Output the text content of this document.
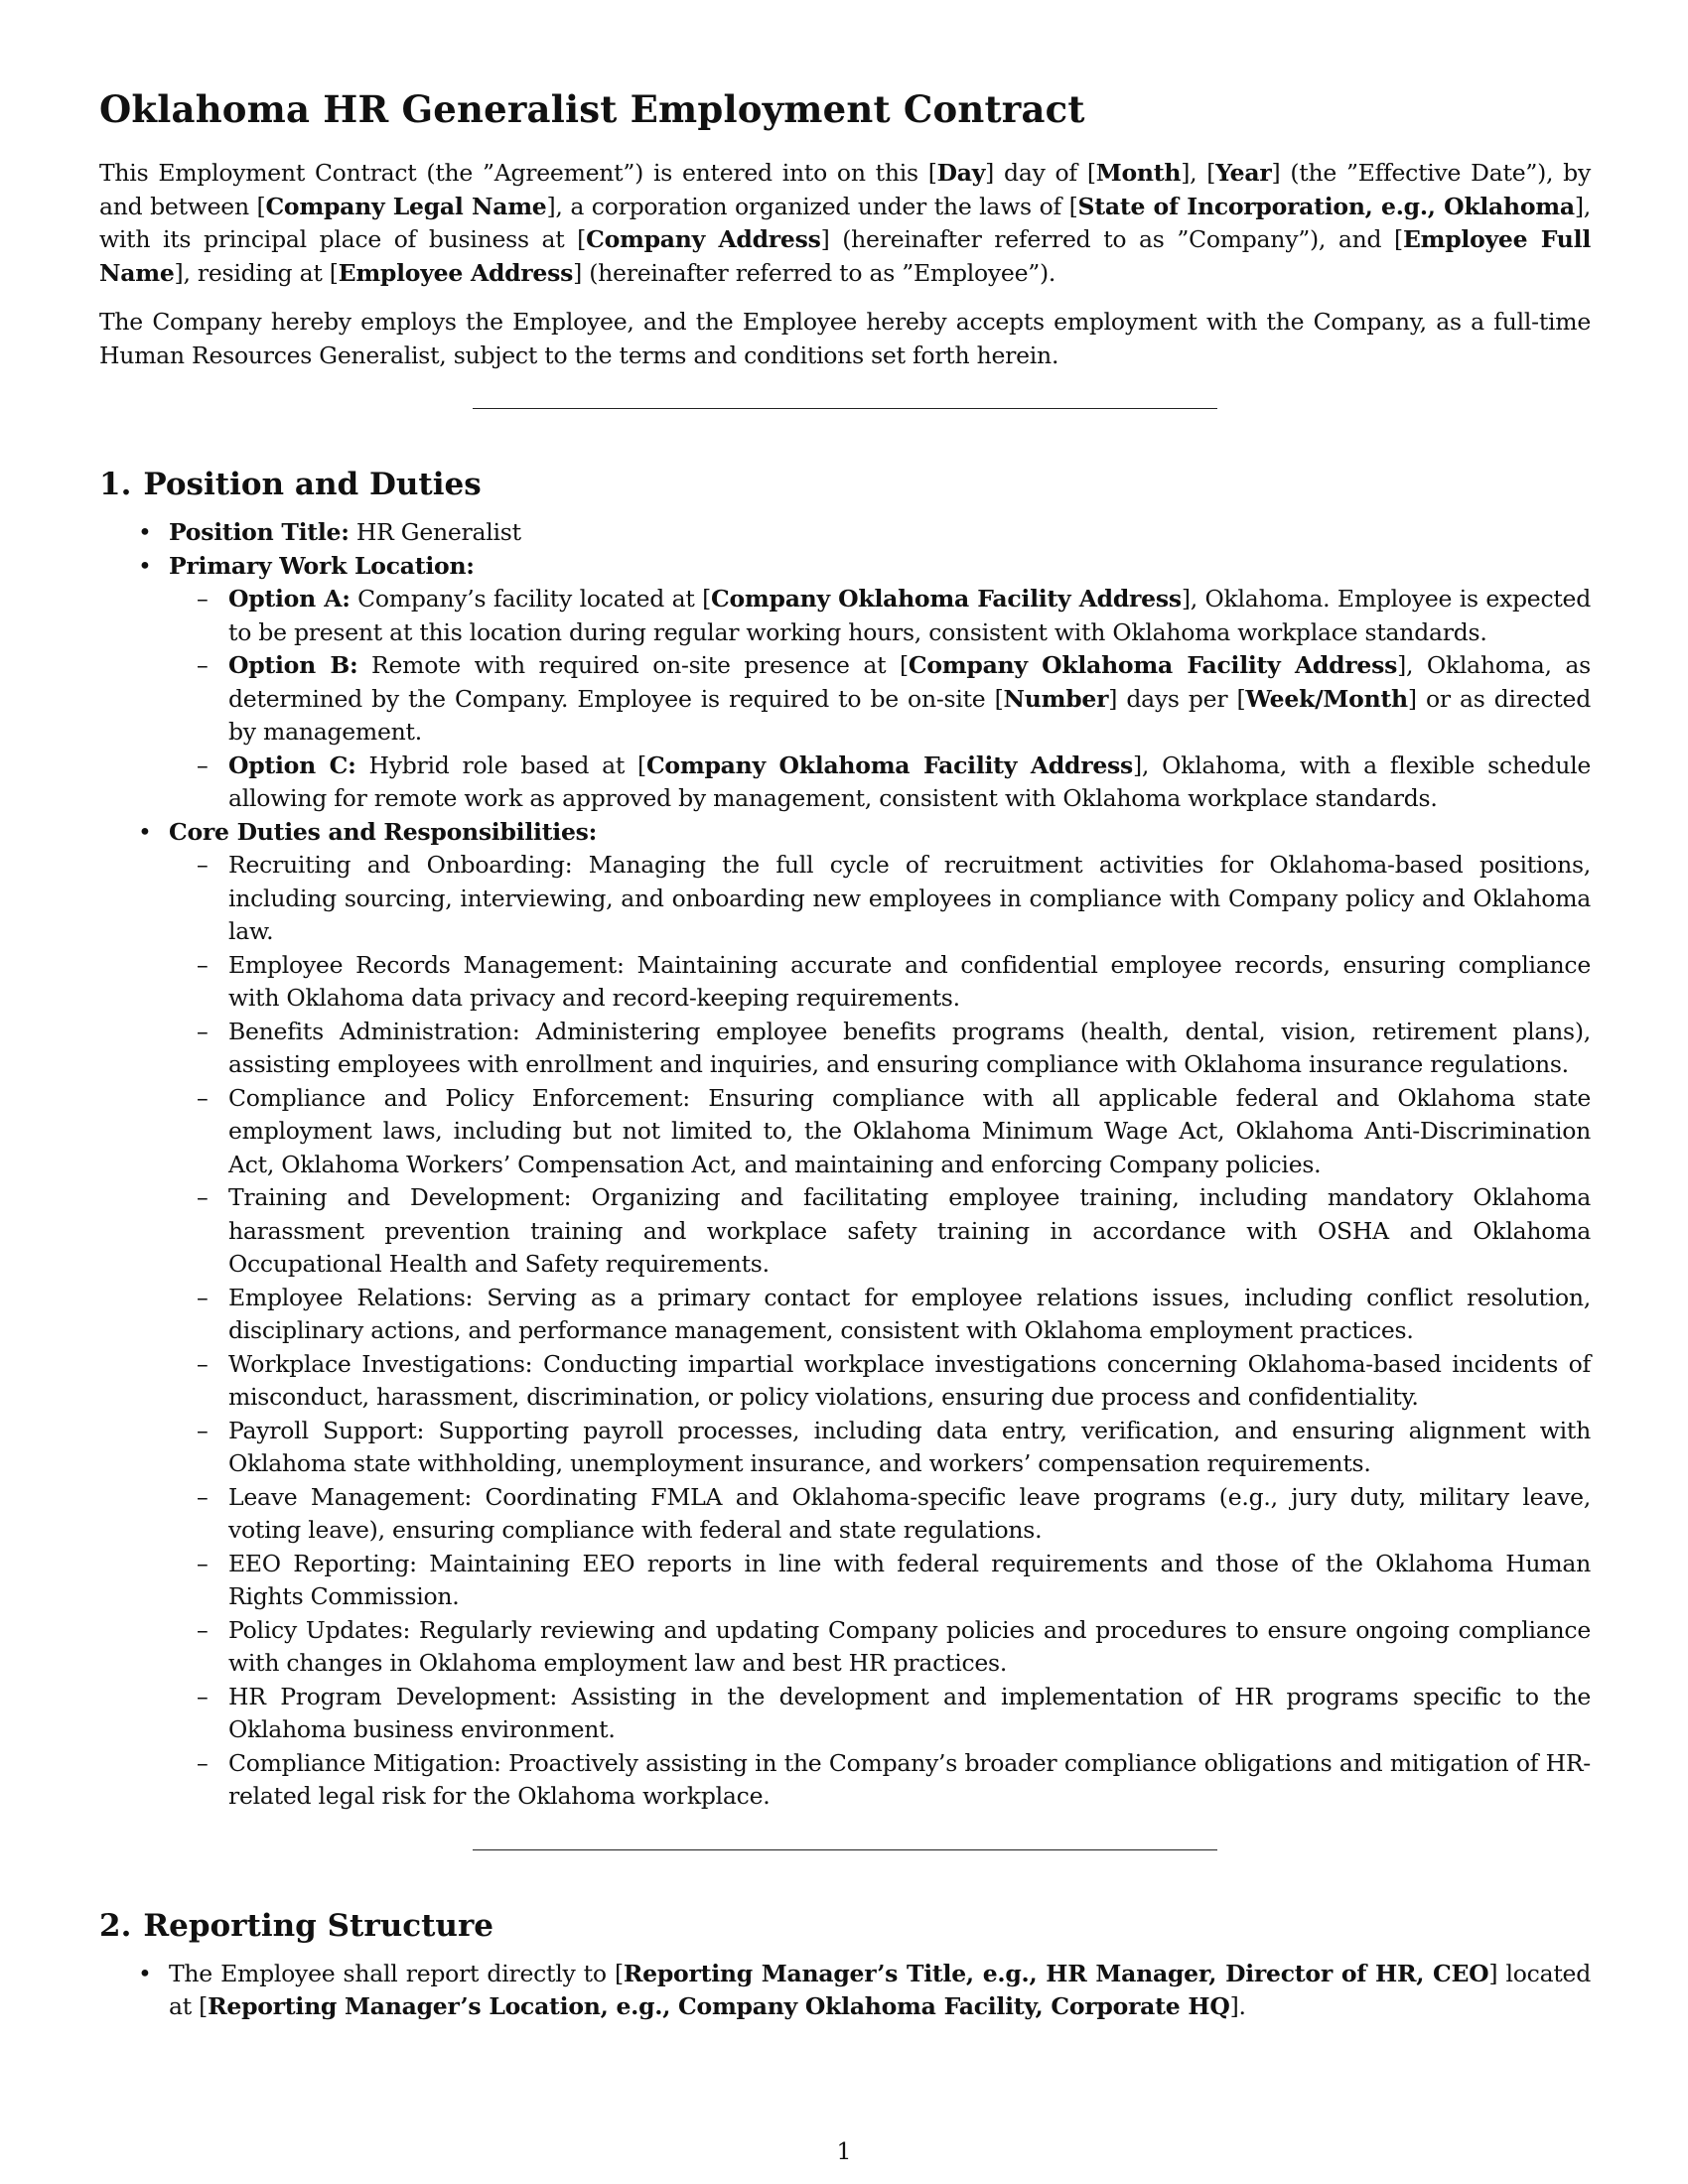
Oklahoma HR Generalist Employment Contract

This Employment Contract (the ”Agreement”) is entered into on this [Day] day of [Month], [Year] (the ”Effective Date”), by and between [Company Legal Name], a corporation organized under the laws of [State of Incorporation, e.g., Oklahoma], with its principal place of business at [Company Address] (hereinafter referred to as ”Company”), and [Employee Full Name], residing at [Employee Address] (hereinafter referred to as ”Employee”).

The Company hereby employs the Employee, and the Employee hereby accepts employment with the Company, as a full-time Human Resources Generalist, subject to the terms and conditions set forth herein.

1. Position and Duties
• Position Title: HR Generalist
• Primary Work Location:
– Option A: Company’s facility located at [Company Oklahoma Facility Address], Oklahoma. Employee is expected to be present at this location during regular working hours, consistent with Oklahoma workplace standards.
– Option B: Remote with required on-site presence at [Company Oklahoma Facility Address], Oklahoma, as determined by the Company. Employee is required to be on-site [Number] days per [Week/Month] or as directed by management.
– Option C: Hybrid role based at [Company Oklahoma Facility Address], Oklahoma, with a flexible schedule allowing for remote work as approved by management, consistent with Oklahoma workplace standards.
• Core Duties and Responsibilities:
– Recruiting and Onboarding: Managing the full cycle of recruitment activities for Oklahoma-based positions, including sourcing, interviewing, and onboarding new employees in compliance with Company policy and Oklahoma law.
– Employee Records Management: Maintaining accurate and confidential employee records, ensuring compliance with Oklahoma data privacy and record-keeping requirements.
– Benefits Administration: Administering employee benefits programs (health, dental, vision, retirement plans), assisting employees with enrollment and inquiries, and ensuring compliance with Oklahoma insurance regulations.
– Compliance and Policy Enforcement: Ensuring compliance with all applicable federal and Oklahoma state employment laws, including but not limited to, the Oklahoma Minimum Wage Act, Oklahoma Anti-Discrimination Act, Oklahoma Workers’ Compensation Act, and maintaining and enforcing Company policies.
– Training and Development: Organizing and facilitating employee training, including mandatory Oklahoma harassment prevention training and workplace safety training in accordance with OSHA and Oklahoma Occupational Health and Safety requirements.
– Employee Relations: Serving as a primary contact for employee relations issues, including conflict resolution, disciplinary actions, and performance management, consistent with Oklahoma employment practices.
– Workplace Investigations: Conducting impartial workplace investigations concerning Oklahoma-based incidents of misconduct, harassment, discrimination, or policy violations, ensuring due process and confidentiality.
– Payroll Support: Supporting payroll processes, including data entry, verification, and ensuring alignment with Oklahoma state withholding, unemployment insurance, and workers’ compensation requirements.
– Leave Management: Coordinating FMLA and Oklahoma-specific leave programs (e.g., jury duty, military leave, voting leave), ensuring compliance with federal and state regulations.
– EEO Reporting: Maintaining EEO reports in line with federal requirements and those of the Oklahoma Human Rights Commission.
– Policy Updates: Regularly reviewing and updating Company policies and procedures to ensure ongoing compliance with changes in Oklahoma employment law and best HR practices.
– HR Program Development: Assisting in the development and implementation of HR programs specific to the Oklahoma business environment.
– Compliance Mitigation: Proactively assisting in the Company’s broader compliance obligations and mitigation of HR-related legal risk for the Oklahoma workplace.
2. Reporting Structure
• The Employee shall report directly to [Reporting Manager’s Title, e.g., HR Manager, Director of HR, CEO] located at [Reporting Manager’s Location, e.g., Company Oklahoma Facility, Corporate HQ].
1
